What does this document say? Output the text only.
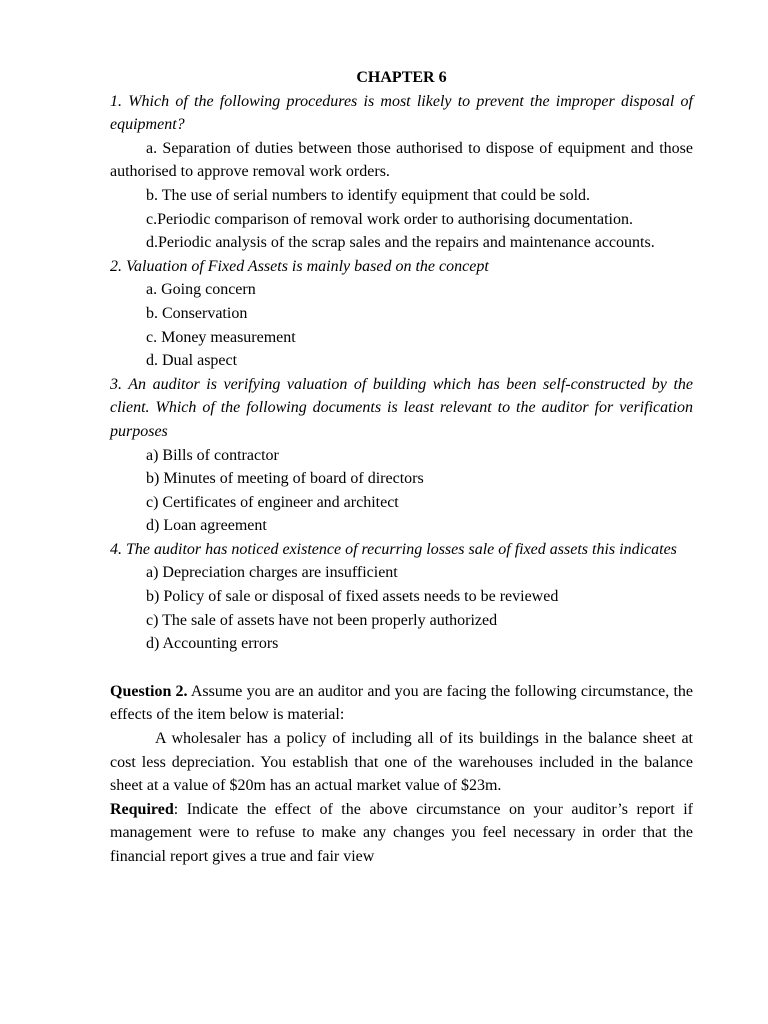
CHAPTER 6

1. Which of the following procedures is most likely to prevent the improper disposal of equipment?

a. Separation of duties between those authorised to dispose of equipment and those authorised to approve removal work orders.

b. The use of serial numbers to identify equipment that could be sold.

c.Periodic comparison of removal work order to authorising documentation.

d.Periodic analysis of the scrap sales and the repairs and maintenance accounts.

2. Valuation of Fixed Assets is mainly based on the concept

a. Going concern

b. Conservation

c. Money measurement

d. Dual aspect

3. An auditor is verifying valuation of building which has been self-constructed by the client. Which of the following documents is least relevant to the auditor for verification purposes

a) Bills of contractor

b) Minutes of meeting of board of directors

c) Certificates of engineer and architect

d) Loan agreement

4. The auditor has noticed existence of recurring losses sale of fixed assets this indicates

a) Depreciation charges are insufficient

b) Policy of sale or disposal of fixed assets needs to be reviewed

c) The sale of assets have not been properly authorized

d) Accounting errors

Question 2. Assume you are an auditor and you are facing the following circumstance, the effects of the item below is material:

A wholesaler has a policy of including all of its buildings in the balance sheet at cost less depreciation. You establish that one of the warehouses included in the balance sheet at a value of $20m has an actual market value of $23m.

Required: Indicate the effect of the above circumstance on your auditor’s report if management were to refuse to make any changes you feel necessary in order that the financial report gives a true and fair view
